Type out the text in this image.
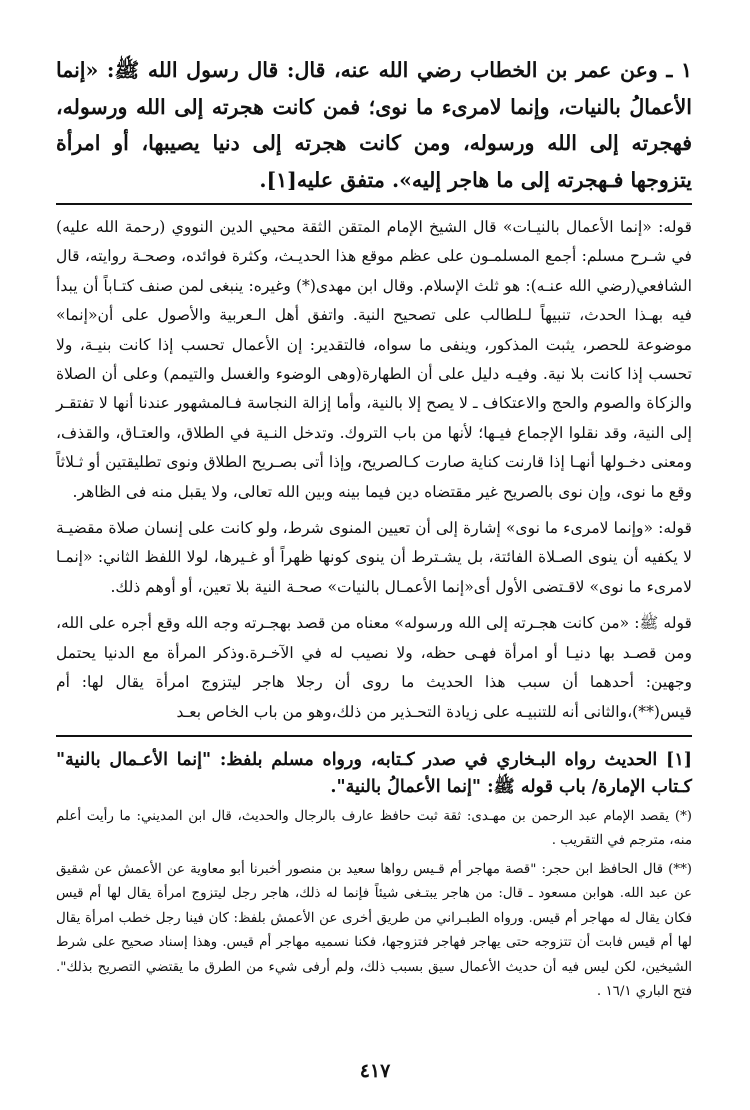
١ ـ وعن عمر بن الخطاب رضي الله عنه، قال: قال رسول الله ﷺ: «إنما الأعمالُ بالنيات، وإنما لامرىء ما نوى؛ فمن كانت هجرته إلى الله ورسوله، فهجرته إلى الله ورسوله، ومن كانت هجرته إلى دنيا يصيبها، أو امرأة يتزوجها فـهجرته إلى ما هاجر إليه». متفق عليه[١].

قوله: «إنما الأعمال بالنيـات» قال الشيخ الإمام المتقن الثقة محيي الدين النووي (رحمة الله عليه) في شـرح مسلم: أجمع المسلمـون على عظم موقع هذا الحديـث، وكثرة فوائده، وصحـة روايته، قال الشافعي(رضي الله عنـه): هو ثلث الإسلام. وقال ابن مهدى(*) وغيره: ينبغى لمن صنف كتـاباً أن يبدأ فيه بهـذا الحدث، تنبيهاً لـلطالب على تصحيح النية. واتفق أهل الـعربية والأصول على أن«إنما» موضوعة للحصر، يثبت المذكور، وينفى ما سواه، فالتقدير: إن الأعمال تحسب إذا كانت بنيـة، ولا تحسب إذا كانت بلا نية. وفيـه دليل على أن الطهارة(وهى الوضوء والغسل والتيمم) وعلى أن الصلاة والزكاة والصوم والحج والاعتكاف ـ لا يصح إلا بالنية، وأما إزالة النجاسة فـالمشهور عندنا أنها لا تفتقـر إلى النية، وقد نقلوا الإجماع فيـها؛ لأنها من باب التروك. وتدخل النـية في الطلاق، والعتـاق، والقذف، ومعنى دخـولها أنهـا إذا قارنت كناية صارت كـالصريح، وإذا أتى بصـريح الطلاق ونوى تطليقتين أو ثـلاثاً وقع ما نوى، وإن نوى بالصريح غير مقتضاه دين فيما بينه وبين الله تعالى، ولا يقبل منه فى الظاهر.

قوله: «وإنما لامرىء ما نوى» إشارة إلى أن تعيين المنوى شرط، ولو كانت على إنسان صلاة مقضيـة لا يكفيه أن ينوى الصـلاة الفائتة، بل يشـترط أن ينوى كونها ظهراً أو غـيرها، لولا اللفظ الثاني: «إنمـا لامرىء ما نوى» لاقـتضى الأول أى«إنما الأعمـال بالنيات» صحـة النية بلا تعين، أو أوهم ذلك.

قوله ﷺ: «من كانت هجـرته إلى الله ورسوله» معناه من قصد بهجـرته وجه الله وقع أجره على الله، ومن قصـد بها دنيـا أو امرأة فهـى حظه، ولا نصيب له في الآخـرة.وذكر المرأة مع الدنيا يحتمل وجهين: أحدهما أن سبب هذا الحديث ما روى أن رجلا هاجر ليتزوج امرأة يقال لها: أم قيس(**)،والثانى أنه للتنبيـه على زيادة التحـذير من ذلك،وهو من باب الخاص بعـد

[١] الحديث رواه البـخاري في صدر كـتابه، ورواه مسلم بلفظ: "إنما الأعـمال بالنية" كـتاب الإمارة/ باب قوله ﷺ: "إنما الأعمالُ بالنية".

(*) يقصد الإمام عبد الرحمن بن مهـدى: ثقة ثبت حافظ عارف بالرجال والحديث، قال ابن المديني: ما رأيت أعلم منه، مترجم في التقريب .

(**) قال الحافظ ابن حجر: "قصة مهاجر أم قـيس رواها سعيد بن منصور أخبرنا أبو معاوية عن الأعمش عن شقيق عن عبد الله. هوابن مسعود ـ قال: من هاجر يبتـغى شيئاً فإنما له ذلك، هاجر رجل ليتزوج امرأة يقال لها أم قيس فكان يقال له مهاجر أم قيس. ورواه الطبـراني من طريق أخرى عن الأعمش بلفظ: كان فينا رجل خطب امرأة يقال لها أم قيس فابت أن تتزوجه حتى يهاجر فهاجر فتزوجها، فكنا نسميه مهاجر أم قيس. وهذا إسناد صحيح على شرط الشيخين، لكن ليس فيه أن حديث الأعمال سيق بسبب ذلك، ولم أرفى شيء من الطرق ما يقتضي التصريح بذلك". فتح الباري ١٦/١ .

٤١٧
